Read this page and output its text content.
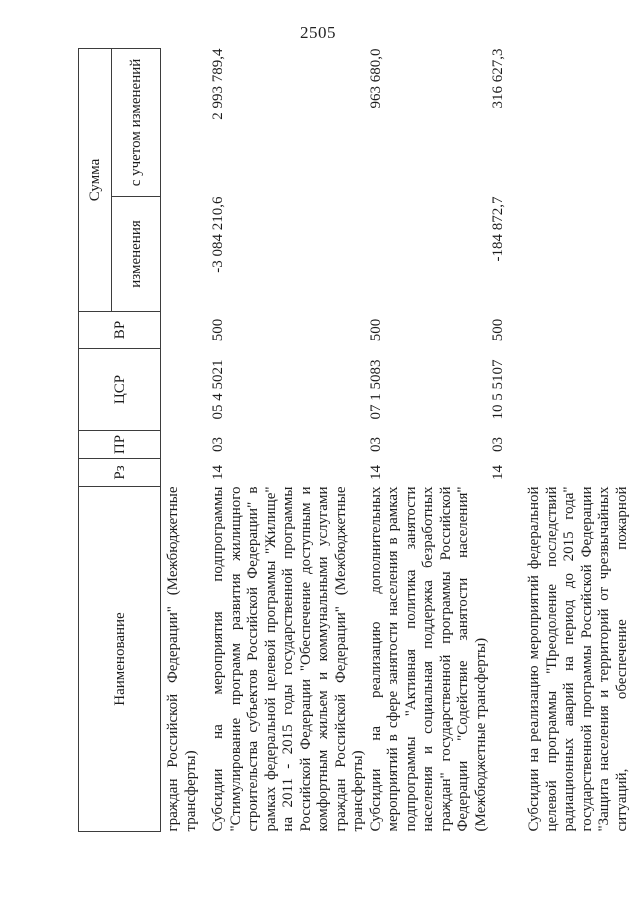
2505
Наименование	Рз	ПР	ЦСР	ВР	Сумма	
					изменения	с учетом изменений
граждан Российской Федерации" (Межбюджетные трансферты)						
Субсидии на мероприятия подпрограммы "Стимулирование программ развития жилищного строительства субъектов Российской Федерации" в рамках федеральной целевой программы "Жилище" на 2011 - 2015 годы государственной программы Российской Федерации "Обеспечение доступным и комфортным жильем и коммунальными услугами граждан Российской Федерации" (Межбюджетные трансферты)	14	03	05 4 5021	500	-3 084 210,6	2 993 789,4
Субсидии на реализацию дополнительных мероприятий в сфере занятости населения в рамках подпрограммы "Активная политика занятости населения и социальная поддержка безработных граждан" государственной программы Российской Федерации "Содействие занятости населения" (Межбюджетные трансферты)	14	03	07 1 5083	500		963 680,0
Субсидии на реализацию мероприятий федеральной целевой программы "Преодоление последствий радиационных аварий на период до 2015 года" государственной программы Российской Федерации "Защита населения и территорий от чрезвычайных ситуаций, обеспечение пожарной	14	03	10 5 5107	500	-184 872,7	316 627,3
